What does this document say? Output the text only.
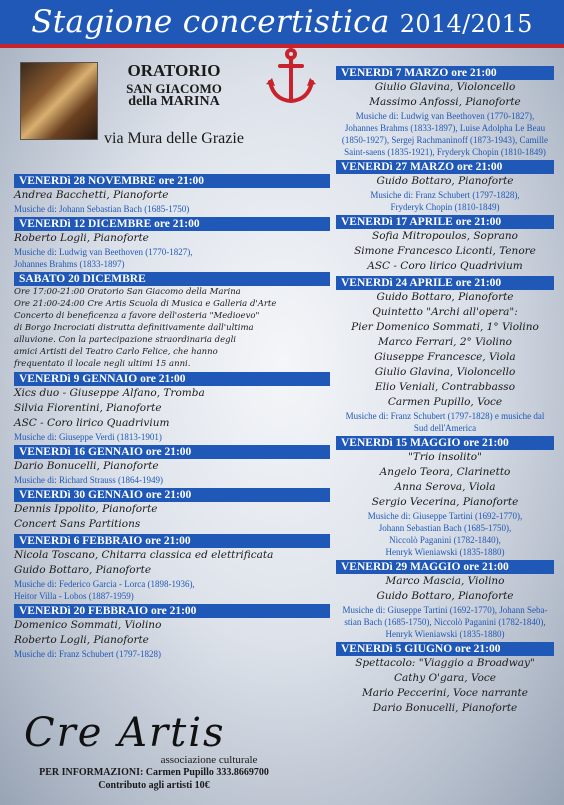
Stagione concertistica 2014/2015
ORATORIO
SAN GIACOMO
della MARINA
via Mura delle Grazie
VENERDì 28 NOVEMBRE ore 21:00
Andrea Bacchetti, Pianoforte
Musiche di: Johann Sebastian Bach (1685-1750)
VENERDì 12 DICEMBRE ore 21:00
Roberto Logli, Pianoforte
Musiche di: Ludwig van Beethoven (1770-1827),
Johannes Brahms (1833-1897)
SABATO 20 DICEMBRE
Ore 17:00-21:00 Oratorio San Giacomo della Marina
Ore 21:00-24:00 Cre Artis Scuola di Musica e Galleria d'Arte
Concerto di beneficenza a favore dell'osteria "Medioevo"
di Borgo Incrociati distrutta definitivamente dall'ultima
alluvione. Con la partecipazione straordinaria degli
amici Artisti del Teatro Carlo Felice, che hanno
frequentato il locale negli ultimi 15 anni.
VENERDì 9 GENNAIO ore 21:00
Xics duo - Giuseppe Alfano, Tromba
Silvia Fiorentini, Pianoforte
ASC - Coro lirico Quadrivium
Musiche di: Giuseppe Verdi (1813-1901)
VENERDì 16 GENNAIO ore 21:00
Dario Bonucelli, Pianoforte
Musiche di: Richard Strauss (1864-1949)
VENERDì 30 GENNAIO ore 21:00
Dennis Ippolito, Pianoforte
Concert Sans Partitions
VENERDì 6 FEBBRAIO ore 21:00
Nicola Toscano, Chitarra classica ed elettrificata
Guido Bottaro, Pianoforte
Musiche di: Federico Garcia - Lorca (1898-1936),
Heitor Villa - Lobos (1887-1959)
VENERDì 20 FEBBRAIO ore 21:00
Domenico Sommati, Violino
Roberto Logli, Pianoforte
Musiche di: Franz Schubert (1797-1828)
VENERDì 7 MARZO ore 21:00
Giulio Glavina, Violoncello
Massimo Anfossi, Pianoforte
Musiche di: Ludwig van Beethoven (1770-1827),
Johannes Brahms (1833-1897), Luise Adolpha Le Beau
(1850-1927), Sergej Rachmaninoff (1873-1943), Camille
Saint-saens (1835-1921), Fryderyk Chopin (1810-1849)
VENERDì 27 MARZO ore 21:00
Guido Bottaro, Pianoforte
Musiche di: Franz Schubert (1797-1828),
Fryderyk Chopin (1810-1849)
VENERDì 17 APRILE ore 21:00
Sofia Mitropoulos, Soprano
Simone Francesco Liconti, Tenore
ASC - Coro lirico Quadrivium
VENERDì 24 APRILE ore 21:00
Guido Bottaro, Pianoforte
Quintetto "Archi all'opera":
Pier Domenico Sommati, 1° Violino
Marco Ferrari, 2° Violino
Giuseppe Francesce, Viola
Giulio Glavina, Violoncello
Elio Veniali, Contrabbasso
Carmen Pupillo, Voce
Musiche di: Franz Schubert (1797-1828) e musiche dal
Sud dell'America
VENERDì 15 MAGGIO ore 21:00
"Trio insolito"
Angelo Teora, Clarinetto
Anna Serova, Viola
Sergio Vecerina, Pianoforte
Musiche di: Giuseppe Tartini (1692-1770),
Johann Sebastian Bach (1685-1750),
Niccolò Paganini (1782-1840),
Henryk Wieniawski (1835-1880)
VENERDì 29 MAGGIO ore 21:00
Marco Mascia, Violino
Guido Bottaro, Pianoforte
Musiche di: Giuseppe Tartini (1692-1770), Johann Seba-
stian Bach (1685-1750), Niccolò Paganini (1782-1840),
Henryk Wieniawski (1835-1880)
VENERDì 5 GIUGNO ore 21:00
Spettacolo: "Viaggio a Broadway"
Cathy O'gara, Voce
Mario Peccerini, Voce narrante
Dario Bonucelli, Pianoforte
Cre Artis
associazione culturale
PER INFORMAZIONI: Carmen Pupillo 333.8669700
Contributo agli artisti 10€
